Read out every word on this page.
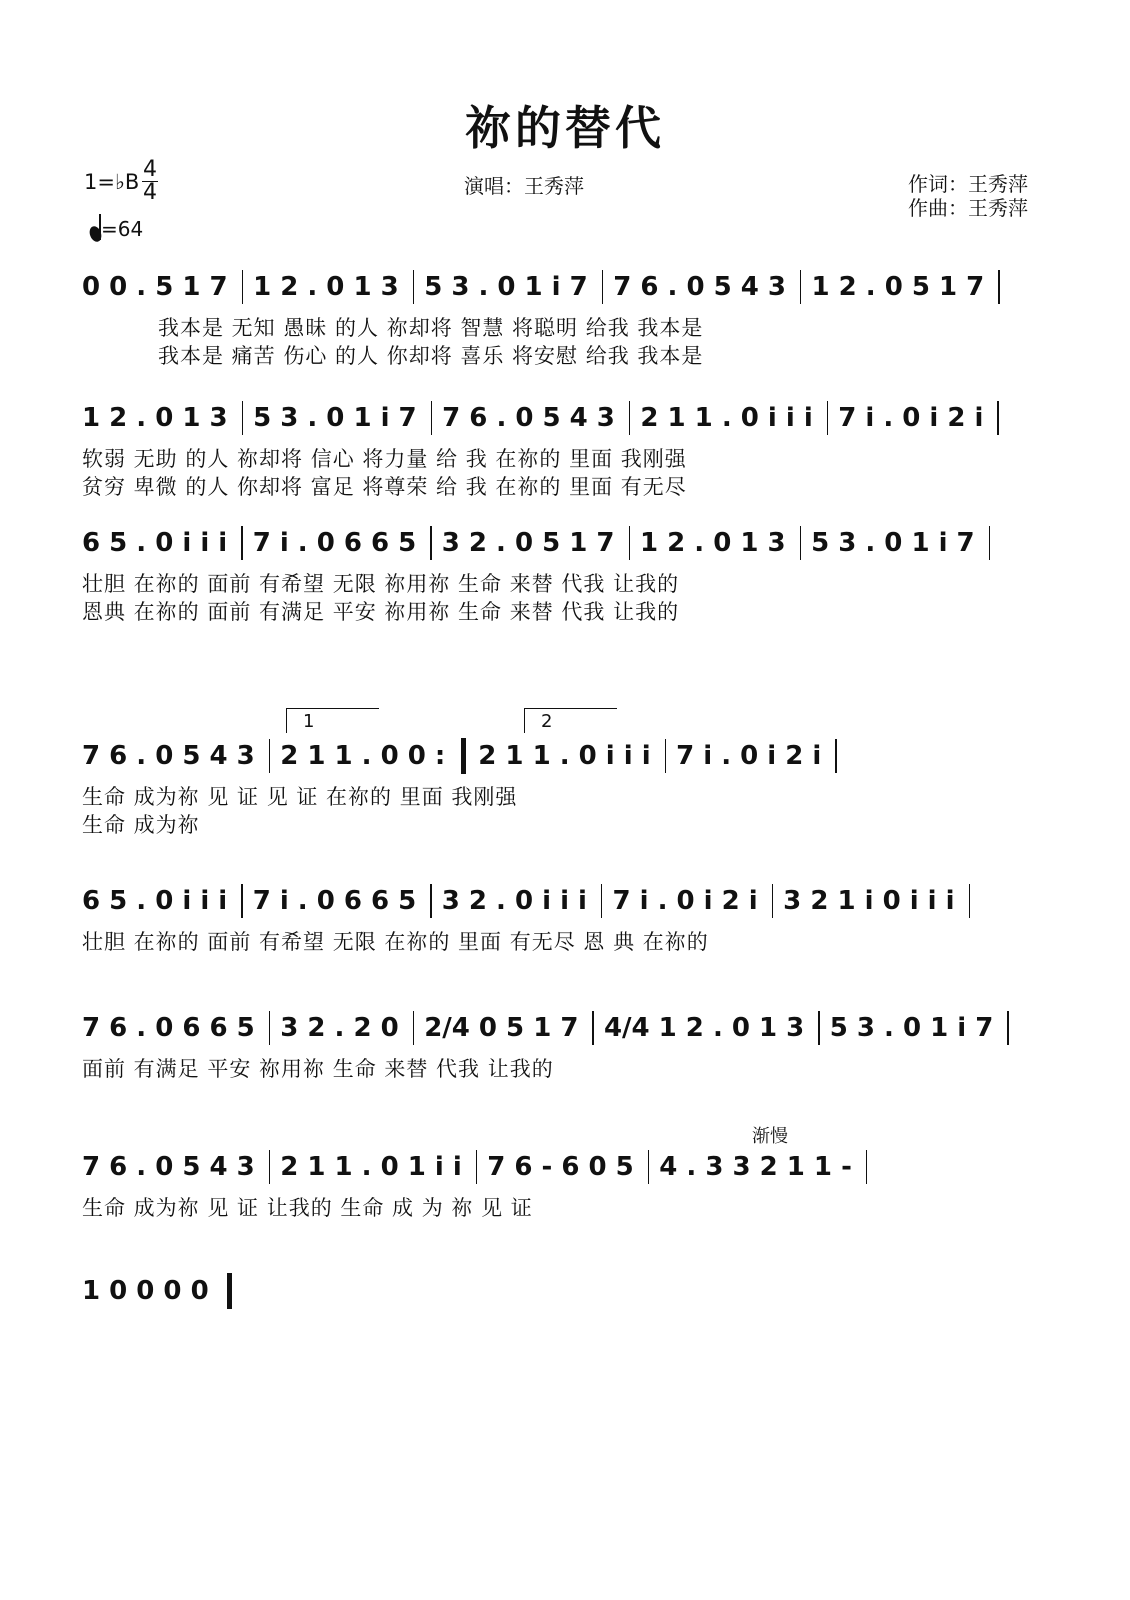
祢的替代
演唱：王秀萍	作词：王秀萍
作曲：王秀萍
1=♭B 4
4
=64
0 0 . 5 1 7 1 2 . 0 1 3 5 3 . 0 1 i 7 7 6 . 0 5 4 3 1 2 . 0 5 1 7
我本是 无知 愚昧 的人 祢却将 智慧 将聪明 给我 我本是
我本是 痛苦 伤心 的人 你却将 喜乐 将安慰 给我 我本是
1 2 . 0 1 3 5 3 . 0 1 i 7 7 6 . 0 5 4 3 2 1 1 . 0 i i i 7 i . 0 i 2 i
软弱 无助 的人 祢却将 信心 将力量 给 我 在祢的 里面 我刚强
贫穷 卑微 的人 你却将 富足 将尊荣 给 我 在祢的 里面 有无尽
6 5 . 0 i i i 7 i . 0 6 6 5 3 2 . 0 5 1 7 1 2 . 0 1 3 5 3 . 0 1 i 7
壮胆 在祢的 面前 有希望 无限 祢用祢 生命 来替 代我 让我的
恩典 在祢的 面前 有满足 平安 祢用祢 生命 来替 代我 让我的
1	2
7 6 . 0 5 4 3 2 1 1 . 0 0 :	2 1 1 . 0 i i i 7 i . 0 i 2 i
生命 成为祢 见 证 见 证 在祢的 里面 我刚强
生命 成为祢
6 5 . 0 i i i 7 i . 0 6 6 5 3 2 . 0 i i i 7 i . 0 i 2 i 3 2 1 i 0 i i i
壮胆 在祢的 面前 有希望 无限 在祢的 里面 有无尽 恩 典 在祢的
7 6 . 0 6 6 5 3 2 . 2 0 2/4 0 5 1 7 4/4 1 2 . 0 1 3 5 3 . 0 1 i 7
面前 有满足 平安 祢用祢 生命 来替 代我 让我的
渐慢
7 6 . 0 5 4 3 2 1 1 . 0 1 i i 7 6 - 6 0 5 4 . 3 3 2 1 1 -
生命 成为祢 见 证 让我的 生命 成 为 祢 见 证
1 0 0 0 0
